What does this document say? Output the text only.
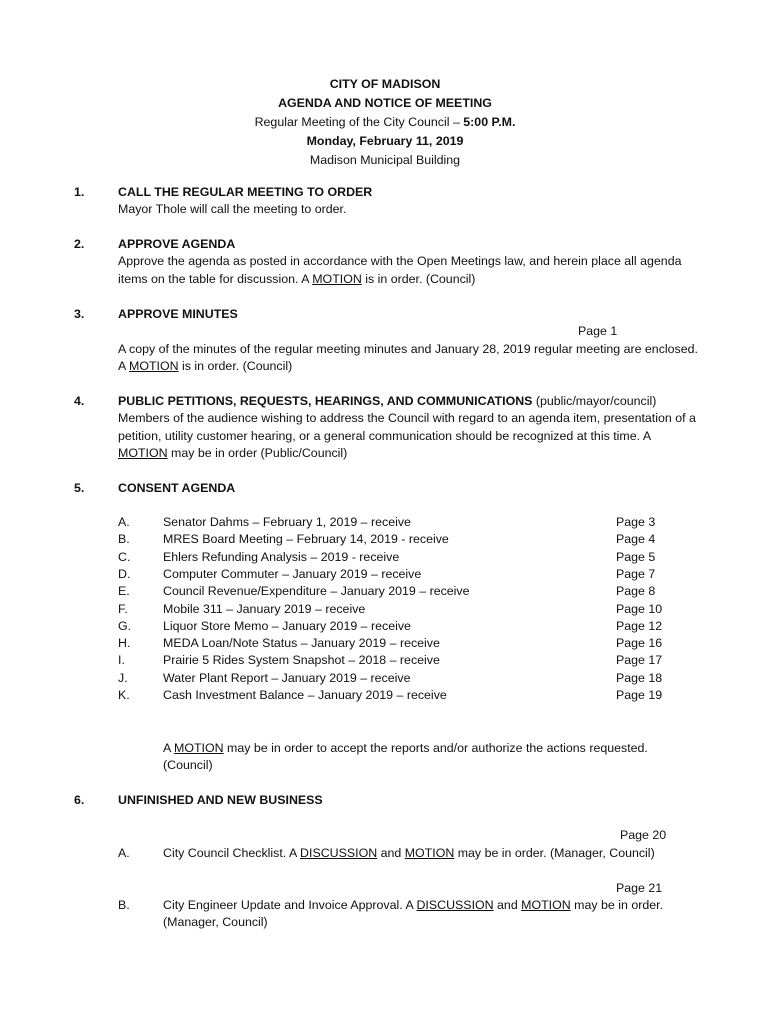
CITY OF MADISON
AGENDA AND NOTICE OF MEETING
Regular Meeting of the City Council – 5:00 P.M.
Monday, February 11, 2019
Madison Municipal Building
1.	CALL THE REGULAR MEETING TO ORDER
Mayor Thole will call the meeting to order.
2.	APPROVE AGENDA
Approve the agenda as posted in accordance with the Open Meetings law, and herein place all agenda items on the table for discussion. A MOTION is in order. (Council)
3.	APPROVE MINUTES
Page 1
A copy of the minutes of the regular meeting minutes and January 28, 2019 regular meeting are enclosed. A MOTION is in order. (Council)
4.	PUBLIC PETITIONS, REQUESTS, HEARINGS, AND COMMUNICATIONS (public/mayor/council)
Members of the audience wishing to address the Council with regard to an agenda item, presentation of a petition, utility customer hearing, or a general communication should be recognized at this time. A MOTION may be in order (Public/Council)
5.	CONSENT AGENDA
A.	Senator Dahms – February 1, 2019 – receive	Page 3
B.	MRES Board Meeting – February 14, 2019 - receive	Page 4
C.	Ehlers Refunding Analysis – 2019 - receive	Page 5
D.	Computer Commuter – January 2019 – receive	Page 7
E.	Council Revenue/Expenditure – January 2019 – receive	Page 8
F.	Mobile 311 – January 2019 – receive	Page 10
G.	Liquor Store Memo – January 2019 – receive	Page 12
H.	MEDA Loan/Note Status – January 2019 – receive	Page 16
I.	Prairie 5 Rides System Snapshot – 2018 – receive	Page 17
J.	Water Plant Report – January 2019 – receive	Page 18
K.	Cash Investment Balance – January 2019 – receive	Page 19
A MOTION may be in order to accept the reports and/or authorize the actions requested. (Council)
6.	UNFINISHED AND NEW BUSINESS
Page 20
A.	City Council Checklist. A DISCUSSION and MOTION may be in order. (Manager, Council)
Page 21
B.	City Engineer Update and Invoice Approval. A DISCUSSION and MOTION may be in order. (Manager, Council)
